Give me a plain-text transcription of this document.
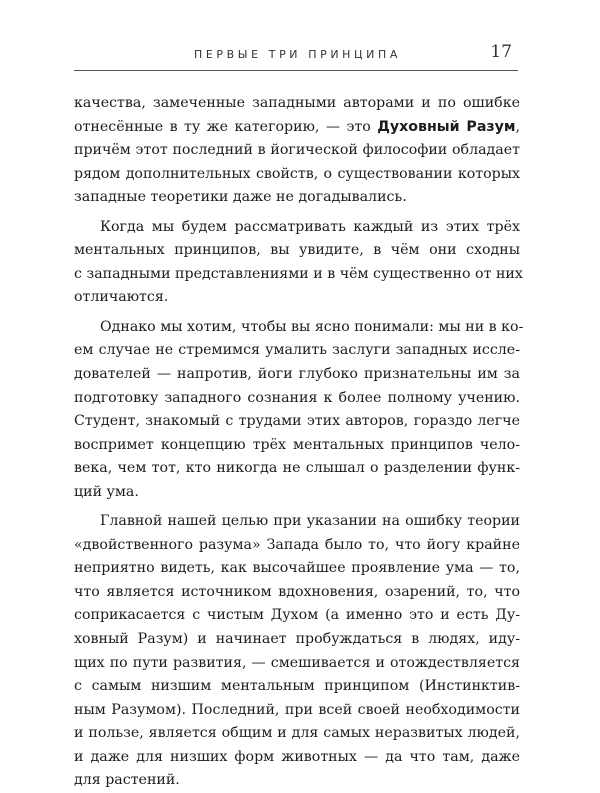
ПЕРВЫЕ ТРИ ПРИНЦИПА	17
качества, замеченные западными авторами и по ошибке
отнесённые в ту же категорию, — это Духовный Разум,
причём этот последний в йогической философии обладает
рядом дополнительных свойств, о существовании которых
западные теоретики даже не догадывались.
Когда мы будем рассматривать каждый из этих трёх
ментальных принципов, вы увидите, в чём они сходны
с западными представлениями и в чём существенно от них
отличаются.
Однако мы хотим, чтобы вы ясно понимали: мы ни в ко-
ем случае не стремимся умалить заслуги западных иссле-
дователей — напротив, йоги глубоко признательны им за
подготовку западного сознания к более полному учению.
Студент, знакомый с трудами этих авторов, гораздо легче
воспримет концепцию трёх ментальных принципов чело-
века, чем тот, кто никогда не слышал о разделении функ-
ций ума.
Главной нашей целью при указании на ошибку теории
«двойственного разума» Запада было то, что йогу крайне
неприятно видеть, как высочайшее проявление ума — то,
что является источником вдохновения, озарений, то, что
соприкасается с чистым Духом (а именно это и есть Ду-
ховный Разум) и начинает пробуждаться в людях, иду-
щих по пути развития, — смешивается и отождествляется
с самым низшим ментальным принципом (Инстинктив-
ным Разумом). Последний, при всей своей необходимости
и пользе, является общим и для самых неразвитых людей,
и даже для низших форм животных — да что там, даже
для растений.
